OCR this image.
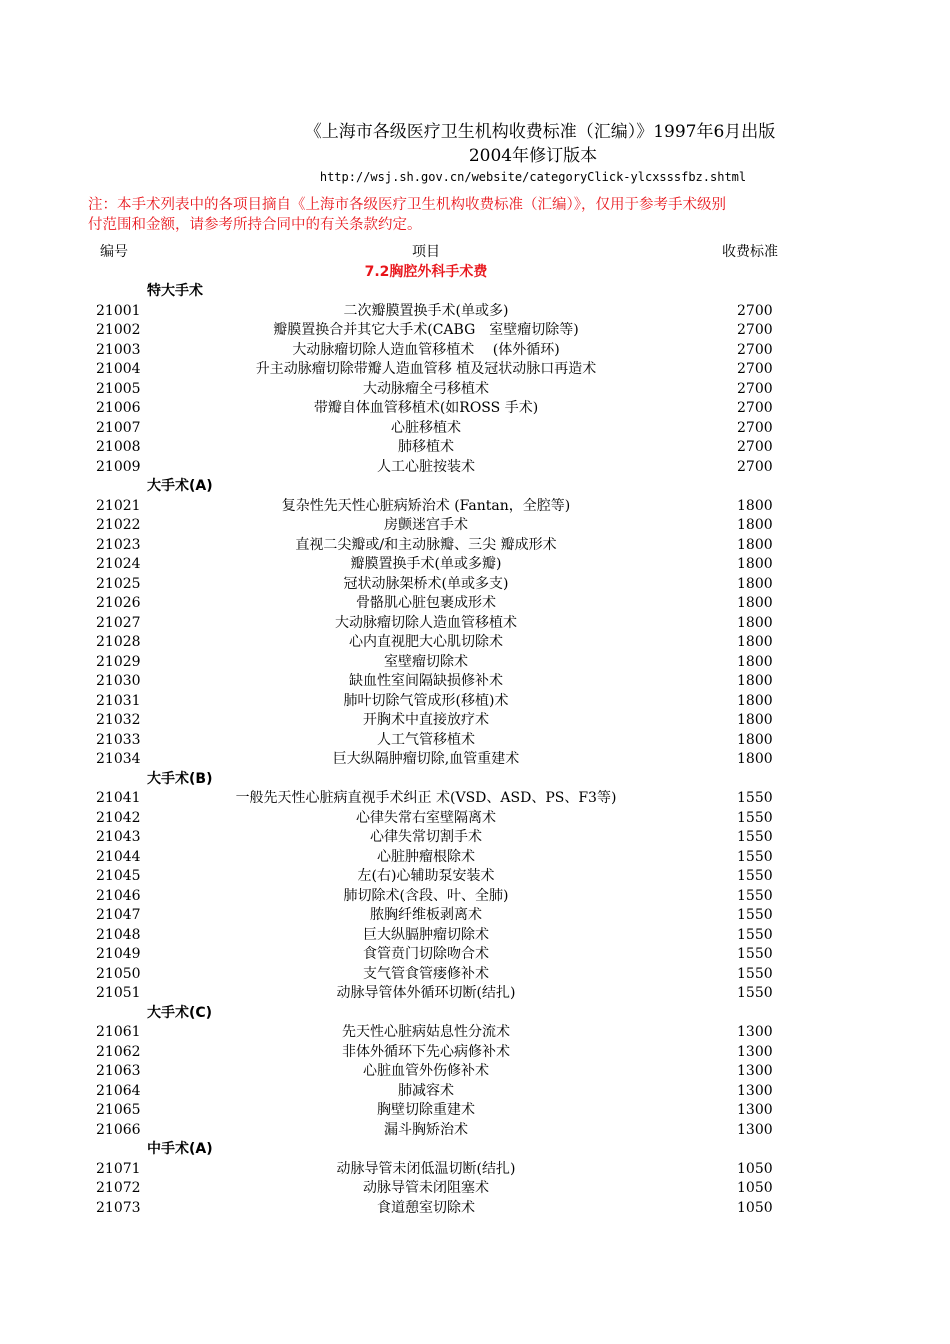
《上海市各级医疗卫生机构收费标准（汇编）》1997年6月出版
2004年修订版本
http://wsj.sh.gov.cn/website/categoryClick-ylcxsssfbz.shtml
注：本手术列表中的各项目摘自《上海市各级医疗卫生机构收费标准（汇编）》，仅用于参考手术级别
付范围和金额，请参考所持合同中的有关条款约定。
编号	项目	收费标准
7.2胸腔外科手术费
特大手术
21001	二次瓣膜置换手术(单或多)	2700
21002	瓣膜置换合并其它大手术(CABG　室壁瘤切除等)	2700
21003	大动脉瘤切除人造血管移植术　 (体外循环)	2700
21004	升主动脉瘤切除带瓣人造血管移 植及冠状动脉口再造术	2700
21005	大动脉瘤全弓移植术	2700
21006	带瓣自体血管移植术(如ROSS 手术)	2700
21007	心脏移植术	2700
21008	肺移植术	2700
21009	人工心脏按装术	2700
大手术(A)
21021	复杂性先天性心脏病矫治术 (Fantan，全腔等)	1800
21022	房颤迷宫手术	1800
21023	直视二尖瓣或/和主动脉瓣、三尖 瓣成形术	1800
21024	瓣膜置换手术(单或多瓣)	1800
21025	冠状动脉架桥术(单或多支)	1800
21026	骨骼肌心脏包裹成形术	1800
21027	大动脉瘤切除人造血管移植术	1800
21028	心内直视肥大心肌切除术	1800
21029	室壁瘤切除术	1800
21030	缺血性室间隔缺损修补术	1800
21031	肺叶切除气管成形(移植)术	1800
21032	开胸术中直接放疗术	1800
21033	人工气管移植术	1800
21034	巨大纵隔肿瘤切除,血管重建术	1800
大手术(B)
21041	一般先天性心脏病直视手术纠正 术(VSD、ASD、PS、F3等)	1550
21042	心律失常右室壁隔离术	1550
21043	心律失常切割手术	1550
21044	心脏肿瘤根除术	1550
21045	左(右)心辅助泵安装术	1550
21046	肺切除术(含段、叶、全肺)	1550
21047	脓胸纤维板剥离术	1550
21048	巨大纵膈肿瘤切除术	1550
21049	食管贲门切除吻合术	1550
21050	支气管食管瘘修补术	1550
21051	动脉导管体外循环切断(结扎)	1550
大手术(C)
21061	先天性心脏病姑息性分流术	1300
21062	非体外循环下先心病修补术	1300
21063	心脏血管外伤修补术	1300
21064	肺减容术	1300
21065	胸壁切除重建术	1300
21066	漏斗胸矫治术	1300
中手术(A)
21071	动脉导管未闭低温切断(结扎)	1050
21072	动脉导管未闭阻塞术	1050
21073	食道憩室切除术	1050
